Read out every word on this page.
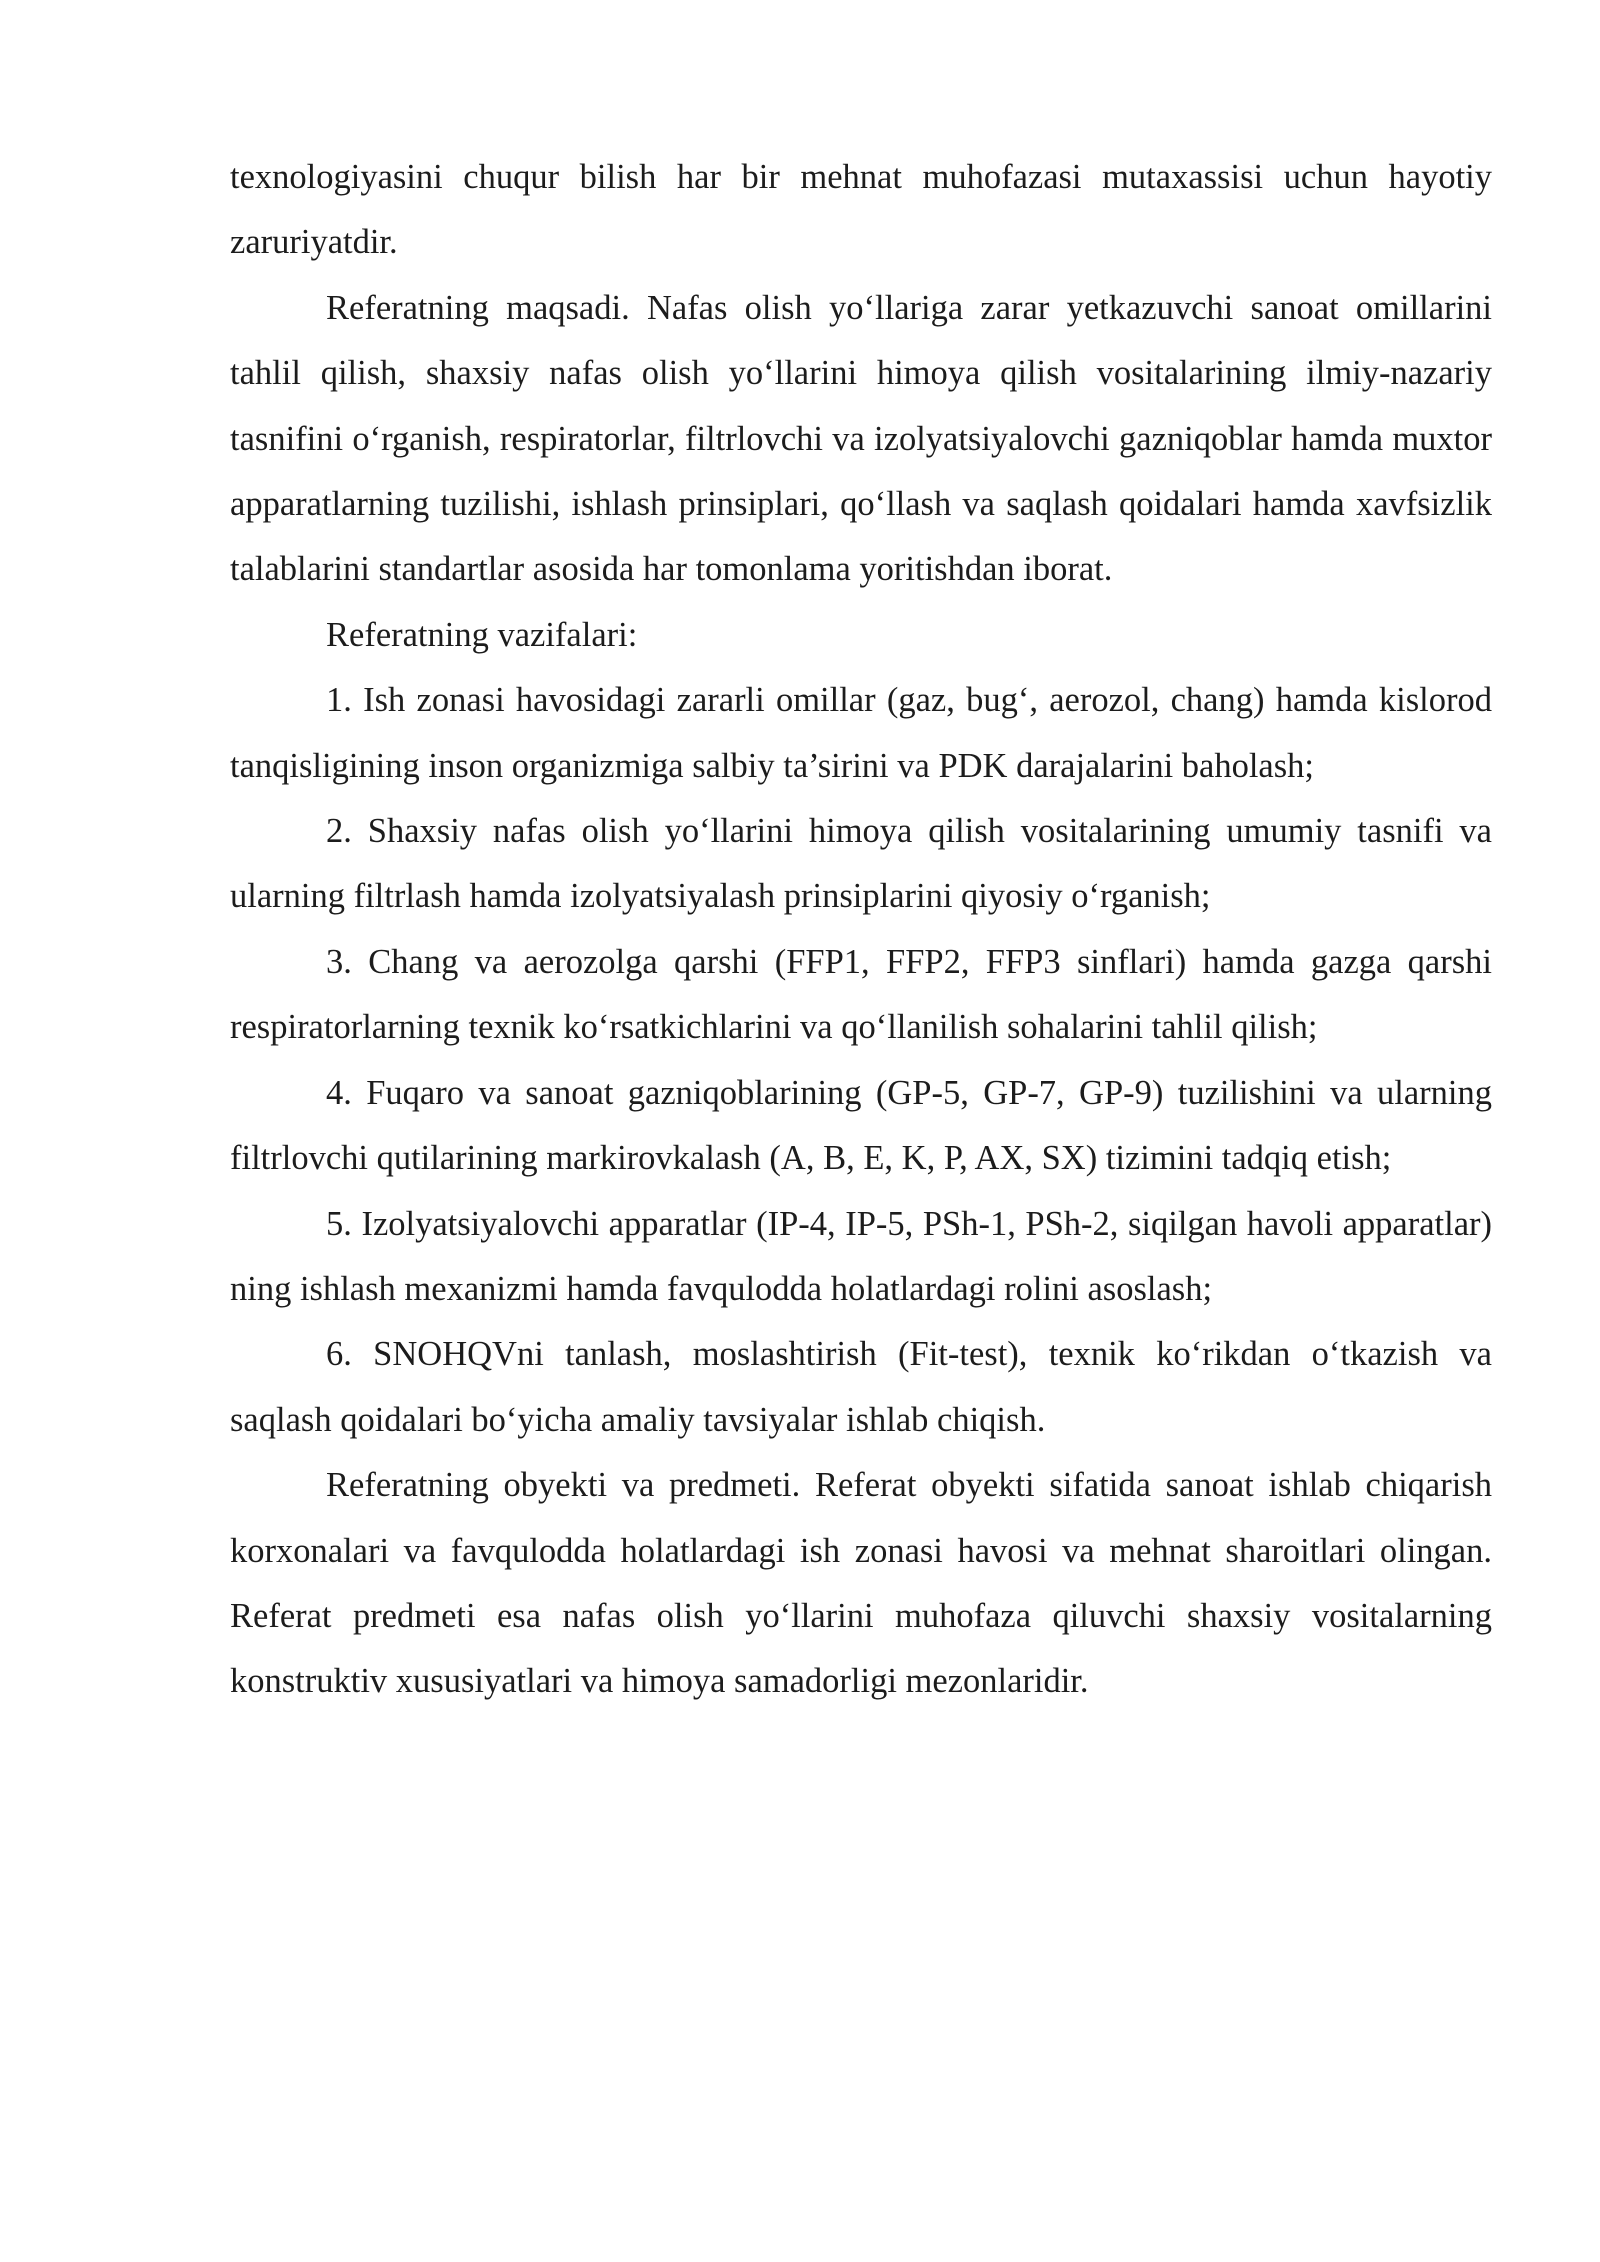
texnologiyasini chuqur bilish har bir mehnat muhofazasi mutaxassisi uchun hayotiy zaruriyatdir.

Referatning maqsadi. Nafas olish yo‘llariga zarar yetkazuvchi sanoat omillarini tahlil qilish, shaxsiy nafas olish yo‘llarini himoya qilish vositalarining ilmiy-nazariy tasnifini o‘rganish, respiratorlar, filtrlovchi va izolyatsiyalovchi gazniqoblar hamda muxtor apparatlarning tuzilishi, ishlash prinsiplari, qo‘llash va saqlash qoidalari hamda xavfsizlik talablarini standartlar asosida har tomonlama yoritishdan iborat.

Referatning vazifalari:

1. Ish zonasi havosidagi zararli omillar (gaz, bug‘, aerozol, chang) hamda kislorod tanqisligining inson organizmiga salbiy ta’sirini va PDK darajalarini baholash;

2. Shaxsiy nafas olish yo‘llarini himoya qilish vositalarining umumiy tasnifi va ularning filtrlash hamda izolyatsiyalash prinsiplarini qiyosiy o‘rganish;

3. Chang va aerozolga qarshi (FFP1, FFP2, FFP3 sinflari) hamda gazga qarshi respiratorlarning texnik ko‘rsatkichlarini va qo‘llanilish sohalarini tahlil qilish;

4. Fuqaro va sanoat gazniqoblarining (GP-5, GP-7, GP-9) tuzilishini va ularning filtrlovchi qutilarining markirovkalash (A, B, E, K, P, AX, SX) tizimini tadqiq etish;

5. Izolyatsiyalovchi apparatlar (IP-4, IP-5, PSh-1, PSh-2, siqilgan havoli apparatlar) ning ishlash mexanizmi hamda favqulodda holatlardagi rolini asoslash;

6. SNOHQVni tanlash, moslashtirish (Fit-test), texnik ko‘rikdan o‘tkazish va saqlash qoidalari bo‘yicha amaliy tavsiyalar ishlab chiqish.

Referatning obyekti va predmeti. Referat obyekti sifatida sanoat ishlab chiqarish korxonalari va favqulodda holatlardagi ish zonasi havosi va mehnat sharoitlari olingan. Referat predmeti esa nafas olish yo‘llarini muhofaza qiluvchi shaxsiy vositalarning konstruktiv xususiyatlari va himoya samadorligi mezonlaridir.
